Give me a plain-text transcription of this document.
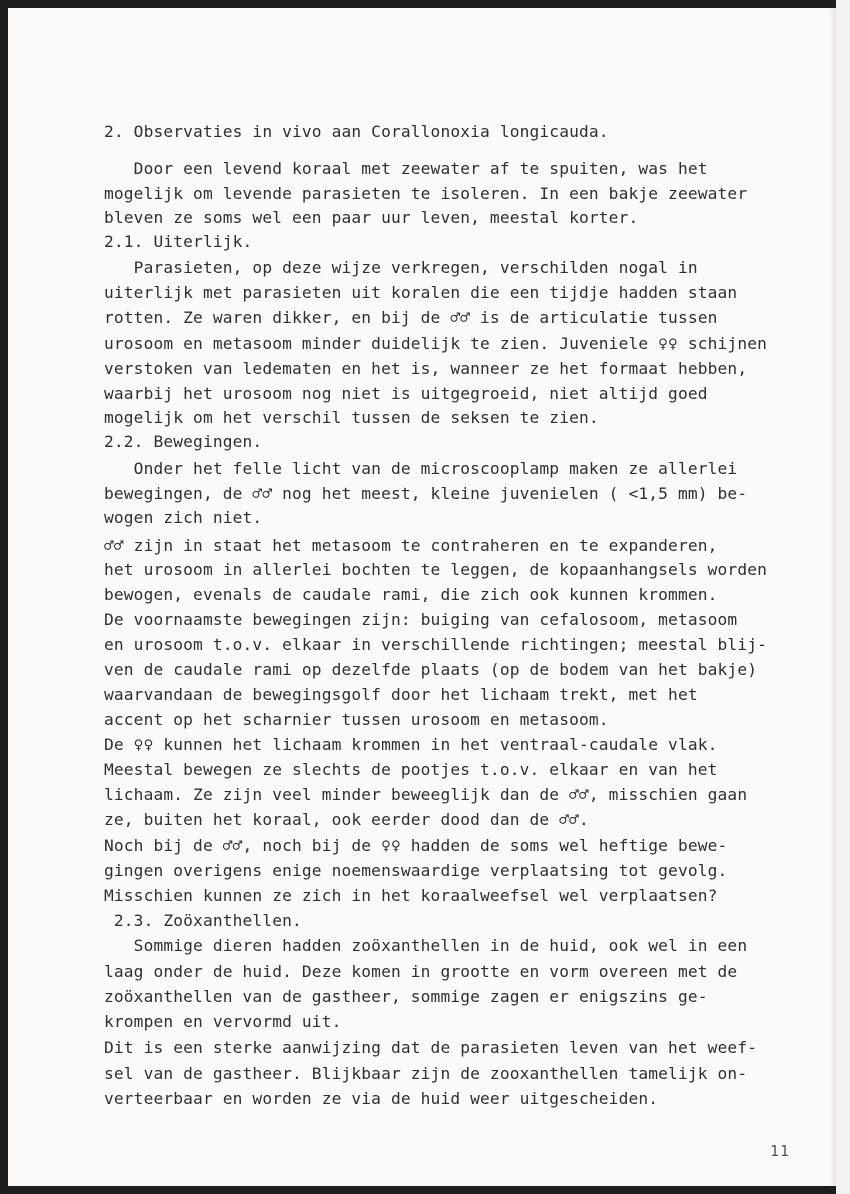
2. Observaties in vivo aan Corallonoxia longicauda.
Door een levend koraal met zeewater af te spuiten, was het
mogelijk om levende parasieten te isoleren. In een bakje zeewater
bleven ze soms wel een paar uur leven, meestal korter.
2.1. Uiterlijk.
Parasieten, op deze wijze verkregen, verschilden nogal in
uiterlijk met parasieten uit koralen die een tijdje hadden staan
rotten. Ze waren dikker, en bij de ♂♂ is de articulatie tussen
urosoom en metasoom minder duidelijk te zien. Juveniele ♀♀ schijnen
verstoken van ledematen en het is, wanneer ze het formaat hebben,
waarbij het urosoom nog niet is uitgegroeid, niet altijd goed
mogelijk om het verschil tussen de seksen te zien.
2.2. Bewegingen.
Onder het felle licht van de microscooplamp maken ze allerlei
bewegingen, de ♂♂ nog het meest, kleine juvenielen ( <1,5 mm) be-
wogen zich niet.
♂♂ zijn in staat het metasoom te contraheren en te expanderen,
het urosoom in allerlei bochten te leggen, de kopaanhangsels worden
bewogen, evenals de caudale rami, die zich ook kunnen krommen.
De voornaamste bewegingen zijn: buiging van cefalosoom, metasoom
en urosoom t.o.v. elkaar in verschillende richtingen; meestal blij-
ven de caudale rami op dezelfde plaats (op de bodem van het bakje)
waarvandaan de bewegingsgolf door het lichaam trekt, met het
accent op het scharnier tussen urosoom en metasoom.
De ♀♀ kunnen het lichaam krommen in het ventraal-caudale vlak.
Meestal bewegen ze slechts de pootjes t.o.v. elkaar en van het
lichaam. Ze zijn veel minder beweeglijk dan de ♂♂, misschien gaan
ze, buiten het koraal, ook eerder dood dan de ♂♂.
Noch bij de ♂♂, noch bij de ♀♀ hadden de soms wel heftige bewe-
gingen overigens enige noemenswaardige verplaatsing tot gevolg.
Misschien kunnen ze zich in het koraalweefsel wel verplaatsen?
2.3. Zoöxanthellen.
Sommige dieren hadden zoöxanthellen in de huid, ook wel in een
laag onder de huid. Deze komen in grootte en vorm overeen met de
zoöxanthellen van de gastheer, sommige zagen er enigszins ge-
krompen en vervormd uit.
Dit is een sterke aanwijzing dat de parasieten leven van het weef-
sel van de gastheer. Blijkbaar zijn de zooxanthellen tamelijk on-
verteerbaar en worden ze via de huid weer uitgescheiden.
11
